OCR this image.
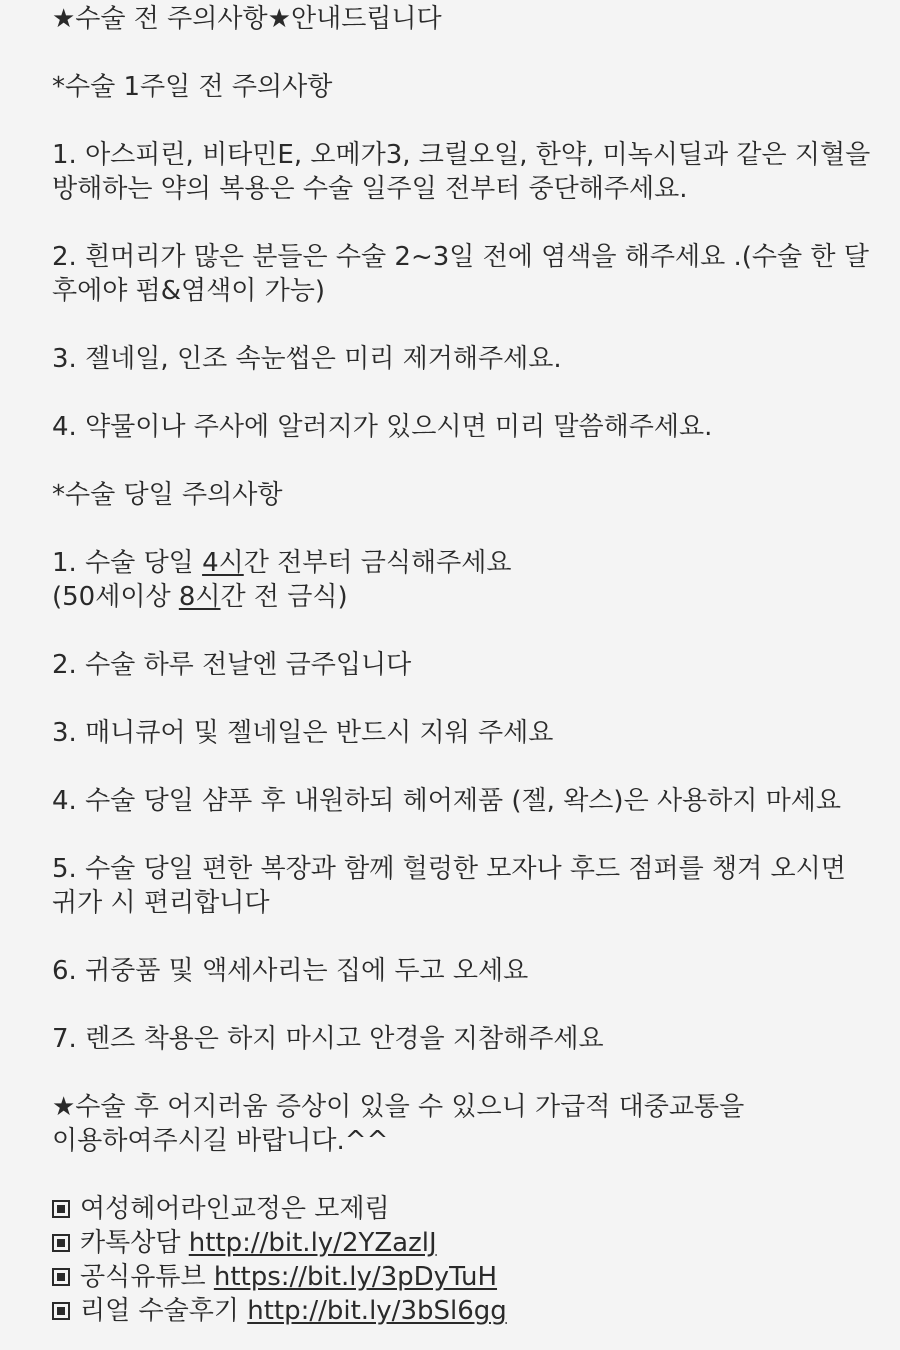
★수술 전 주의사항★안내드립니다
*수술 1주일 전 주의사항
1. 아스피린, 비타민E, 오메가3, 크릴오일, 한약, 미녹시딜과 같은 지혈을
방해하는 약의 복용은 수술 일주일 전부터 중단해주세요.
2. 흰머리가 많은 분들은 수술 2~3일 전에 염색을 해주세요 .(수술 한 달
후에야 펌&염색이 가능)
3. 젤네일, 인조 속눈썹은 미리 제거해주세요.
4. 약물이나 주사에 알러지가 있으시면 미리 말씀해주세요.
*수술 당일 주의사항
1. 수술 당일 4시간 전부터 금식해주세요
(50세이상 8시간 전 금식)
2. 수술 하루 전날엔 금주입니다
3. 매니큐어 및 젤네일은 반드시 지워 주세요
4. 수술 당일 샴푸 후 내원하되 헤어제품 (젤, 왁스)은 사용하지 마세요
5. 수술 당일 편한 복장과 함께 헐렁한 모자나 후드 점퍼를 챙겨 오시면
귀가 시 편리합니다
6. 귀중품 및 액세사리는 집에 두고 오세요
7. 렌즈 착용은 하지 마시고 안경을 지참해주세요
★수술 후 어지러움 증상이 있을 수 있으니 가급적 대중교통을
이용하여주시길 바랍니다.^^
여성헤어라인교정은 모제림
카톡상담 http://bit.ly/2YZazlJ
공식유튜브 https://bit.ly/3pDyTuH
리얼 수술후기 http://bit.ly/3bSl6gg
